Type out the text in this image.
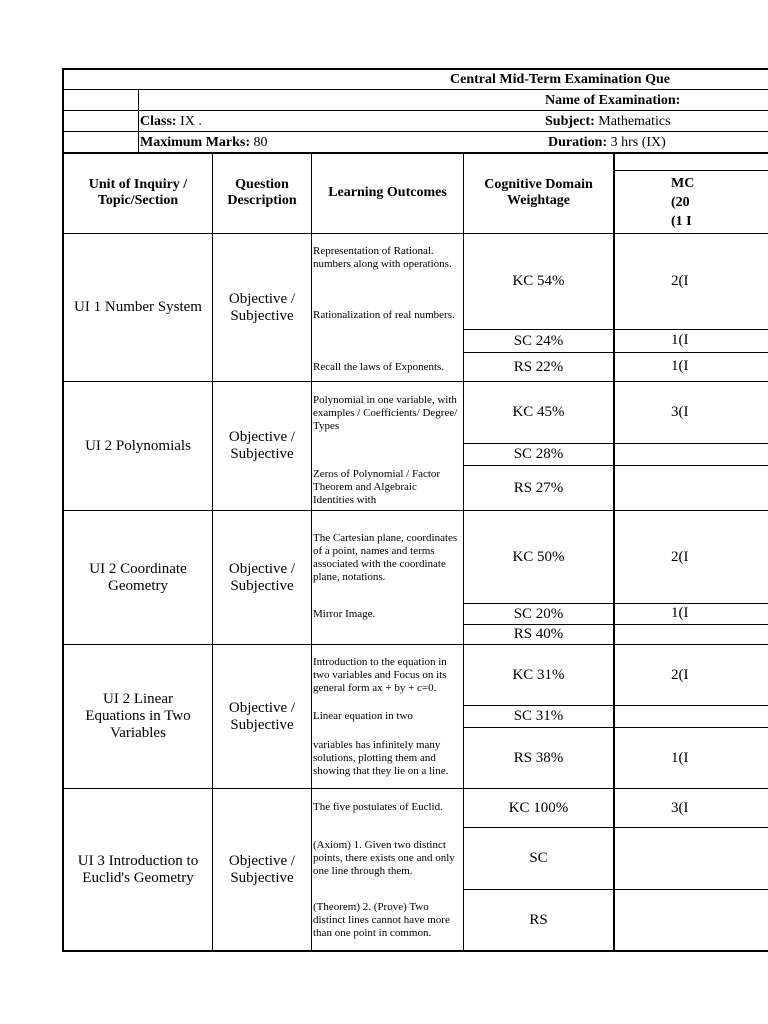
Central Mid-Term Examination Que
Name of Examination:
Class: IX .	Subject: Mathematics
Maximum Marks: 80	Duration: 3 hrs (IX)
Unit of Inquiry / Topic/Section
Question Description
Learning Outcomes
Cognitive Domain Weightage
MC
(20
(1 I
UI 1 Number System
Objective / Subjective
Representation of Rational. numbers along with operations.
Rationalization of real numbers.
Recall the laws of Exponents.
KC 54%
SC 24%
RS 22%
2(I
1(I
1(I
UI 2 Polynomials
Objective / Subjective
Polynomial in one variable, with examples / Coefficients/ Degree/ Types
Zeros of Polynomial / Factor Theorem and Algebraic Identities with
KC 45%
SC 28%
RS 27%
3(I
UI 2 Coordinate Geometry
Objective / Subjective
The Cartesian plane, coordinates of a point, names and terms associated with the coordinate plane, notations.
Mirror Image.
KC 50%
SC 20%
RS 40%
2(I
1(I
UI 2 Linear Equations in Two Variables
Objective / Subjective
Introduction to the equation in two variables and Focus on its general form ax + by + c=0.
Linear equation in two
variables has infinitely many solutions, plotting them and showing that they lie on a line.
KC 31%
SC 31%
RS 38%
2(I
1(I
UI 3 Introduction to Euclid's Geometry
Objective / Subjective
The five postulates of Euclid.
(Axiom) 1. Given two distinct points, there exists one and only one line through them.
(Theorem) 2. (Prove) Two distinct lines cannot have more than one point in common.
KC 100%
SC
RS
3(I
